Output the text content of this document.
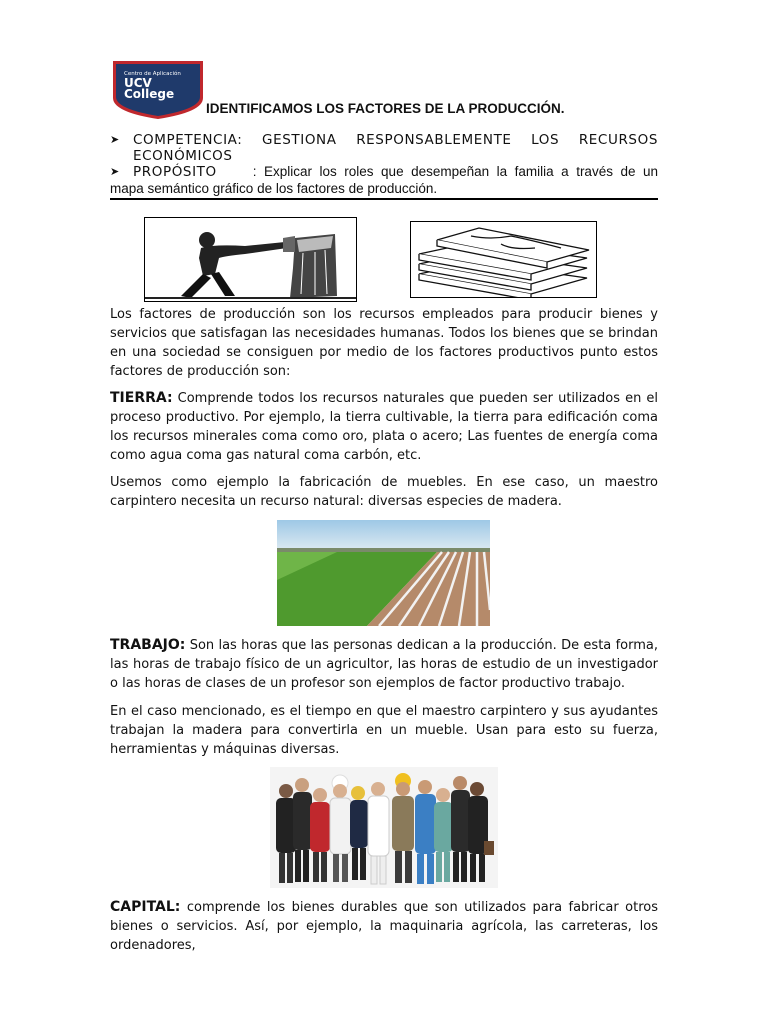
Centro de Aplicación
UCV
College
IDENTIFICAMOS LOS FACTORES DE LA PRODUCCIÓN.
➤ COMPETENCIA: GESTIONA RESPONSABLEMENTE LOS RECURSOS
ECONÓMICOS
➤ PROPÓSITO	: Explicar los roles que desempeñan la familia a través de un
mapa semántico gráfico de los factores de producción.
Los factores de producción son los recursos empleados para producir bienes y servicios que satisfagan las necesidades humanas. Todos los bienes que se brindan en una sociedad se consiguen por medio de los factores productivos punto estos factores de producción son:
TIERRA: Comprende todos los recursos naturales que pueden ser utilizados en el proceso productivo. Por ejemplo, la tierra cultivable, la tierra para edificación coma los recursos minerales coma como oro, plata o acero; Las fuentes de energía coma como agua coma gas natural coma carbón, etc.
Usemos como ejemplo la fabricación de muebles. En ese caso, un maestro carpintero necesita un recurso natural: diversas especies de madera.
TRABAJO: Son las horas que las personas dedican a la producción. De esta forma, las horas de trabajo físico de un agricultor, las horas de estudio de un investigador o las horas de clases de un profesor son ejemplos de factor productivo trabajo.
En el caso mencionado, es el tiempo en que el maestro carpintero y sus ayudantes trabajan la madera para convertirla en un mueble. Usan para esto su fuerza, herramientas y máquinas diversas.
CAPITAL: comprende los bienes durables que son utilizados para fabricar otros bienes o servicios. Así, por ejemplo, la maquinaria agrícola, las carreteras, los ordenadores,
